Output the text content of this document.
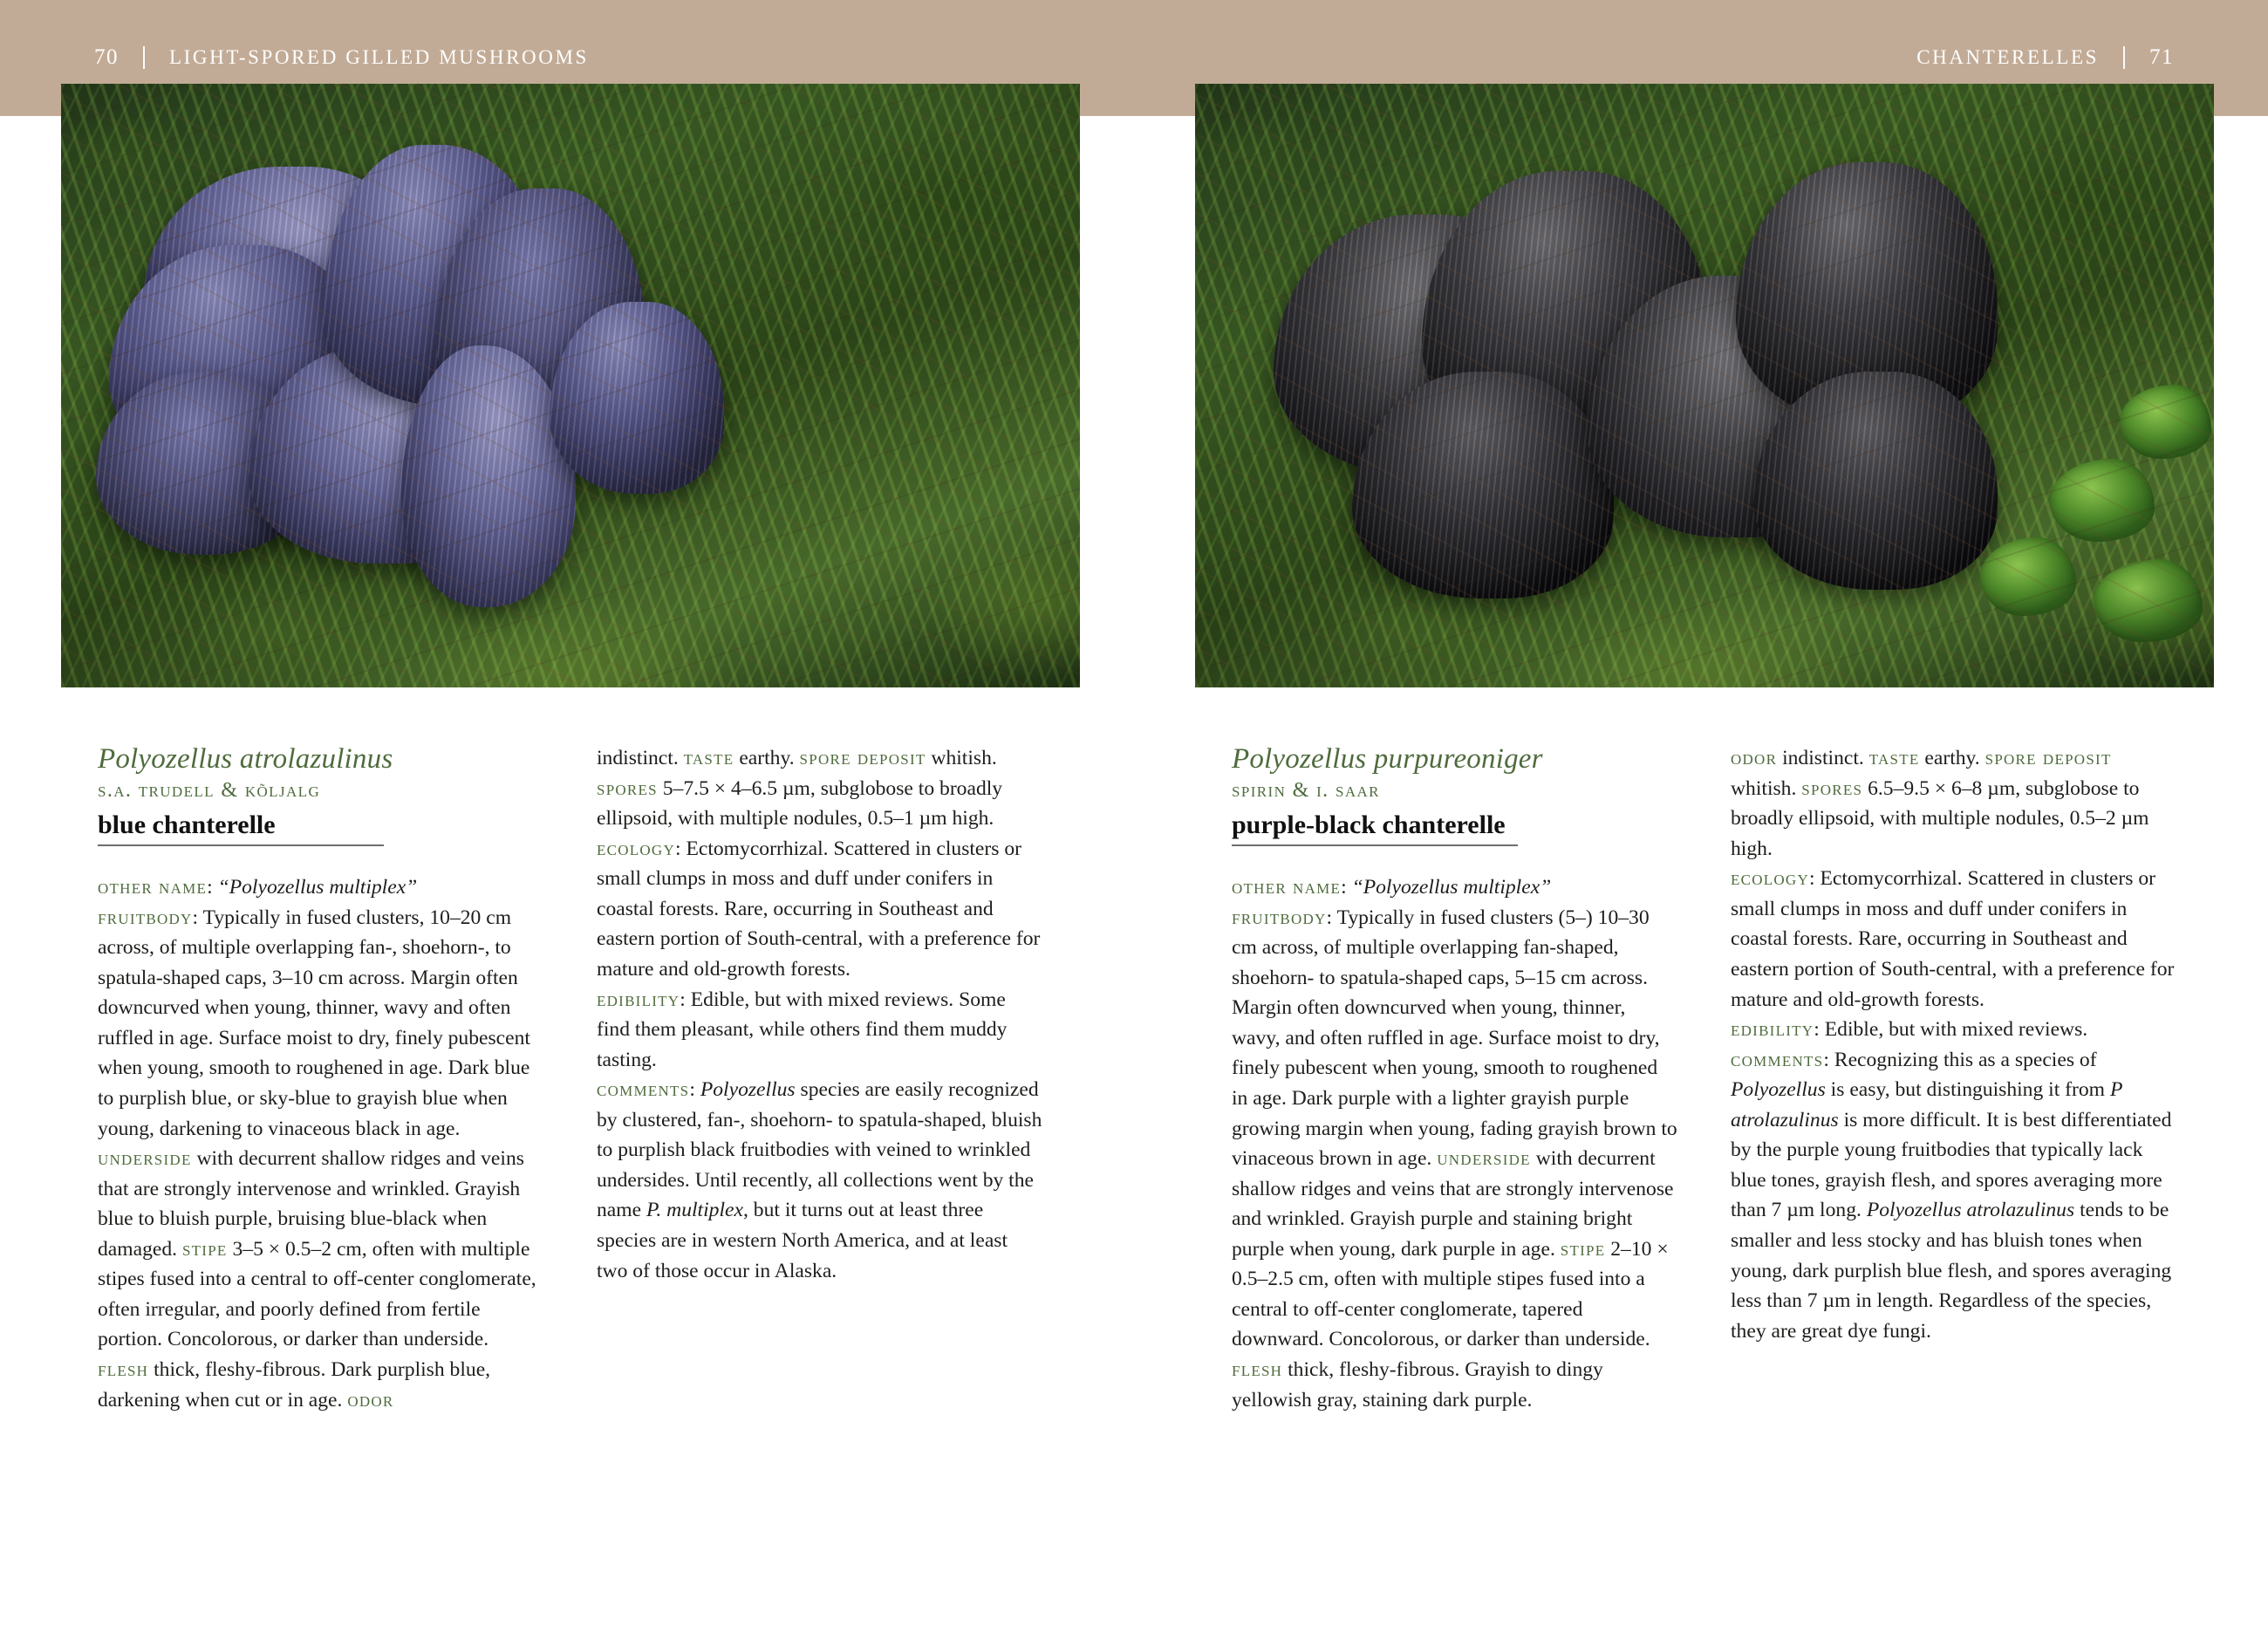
70	LIGHT-SPORED GILLED MUSHROOMS	CHANTERELLES 71

Polyozellus atrolazulinus

s.a. trudell & kõljalg

blue chanterelle

other name: “Polyozellus multiplex”
fruitbody: Typically in fused clusters, 10–20 cm across, of multiple overlapping fan-, shoehorn-, to spatula-shaped caps, 3–10 cm across. Margin often downcurved when young, thinner, wavy and often ruffled in age. Surface moist to dry, finely pubescent when young, smooth to roughened in age. Dark blue to purplish blue, or sky-blue to grayish blue when young, darkening to vinaceous black in age. underside with decurrent shallow ridges and veins that are strongly intervenose and wrinkled. Grayish blue to bluish purple, bruising blue-black when damaged. stipe 3–5 × 0.5–2 cm, often with multiple stipes fused into a central to off-center conglomerate, often irregular, and poorly defined from fertile portion. Concolorous, or darker than underside. flesh thick, fleshy-fibrous. Dark purplish blue, darkening when cut or in age. odor

indistinct. taste earthy. spore deposit whitish. spores 5–7.5 × 4–6.5 µm, subglobose to broadly ellipsoid, with multiple nodules, 0.5–1 µm high.

ecology: Ectomycorrhizal. Scattered in clusters or small clumps in moss and duff under conifers in coastal forests. Rare, occurring in Southeast and eastern portion of South-central, with a preference for mature and old-growth forests.

edibility: Edible, but with mixed reviews. Some find them pleasant, while others find them muddy tasting.

comments: Polyozellus species are easily recognized by clustered, fan-, shoehorn- to spatula-shaped, bluish to purplish black fruitbodies with veined to wrinkled undersides. Until recently, all collections went by the name P. multiplex, but it turns out at least three species are in western North America, and at least two of those occur in Alaska.

Polyozellus purpureoniger

spirin & i. saar

purple-black chanterelle

other name: “Polyozellus multiplex”
fruitbody: Typically in fused clusters (5–) 10–30 cm across, of multiple overlapping fan-shaped, shoehorn- to spatula-shaped caps, 5–15 cm across. Margin often downcurved when young, thinner, wavy, and often ruffled in age. Surface moist to dry, finely pubescent when young, smooth to roughened in age. Dark purple with a lighter grayish purple growing margin when young, fading grayish brown to vinaceous brown in age. underside with decurrent shallow ridges and veins that are strongly intervenose and wrinkled. Grayish purple and staining bright purple when young, dark purple in age. stipe 2–10 × 0.5–2.5 cm, often with multiple stipes fused into a central to off-center conglomerate, tapered downward. Concolorous, or darker than underside. flesh thick, fleshy-fibrous. Grayish to dingy yellowish gray, staining dark purple.

odor indistinct. taste earthy. spore deposit whitish. spores 6.5–9.5 × 6–8 µm, subglobose to broadly ellipsoid, with multiple nodules, 0.5–2 µm high.

ecology: Ectomycorrhizal. Scattered in clusters or small clumps in moss and duff under conifers in coastal forests. Rare, occurring in Southeast and eastern portion of South-central, with a preference for mature and old-growth forests.

edibility: Edible, but with mixed reviews.

comments: Recognizing this as a species of Polyozellus is easy, but distinguishing it from P atrolazulinus is more difficult. It is best differentiated by the purple young fruitbodies that typically lack blue tones, grayish flesh, and spores averaging more than 7 µm long. Polyozellus atrolazulinus tends to be smaller and less stocky and has bluish tones when young, dark purplish blue flesh, and spores averaging less than 7 µm in length. Regardless of the species, they are great dye fungi.
